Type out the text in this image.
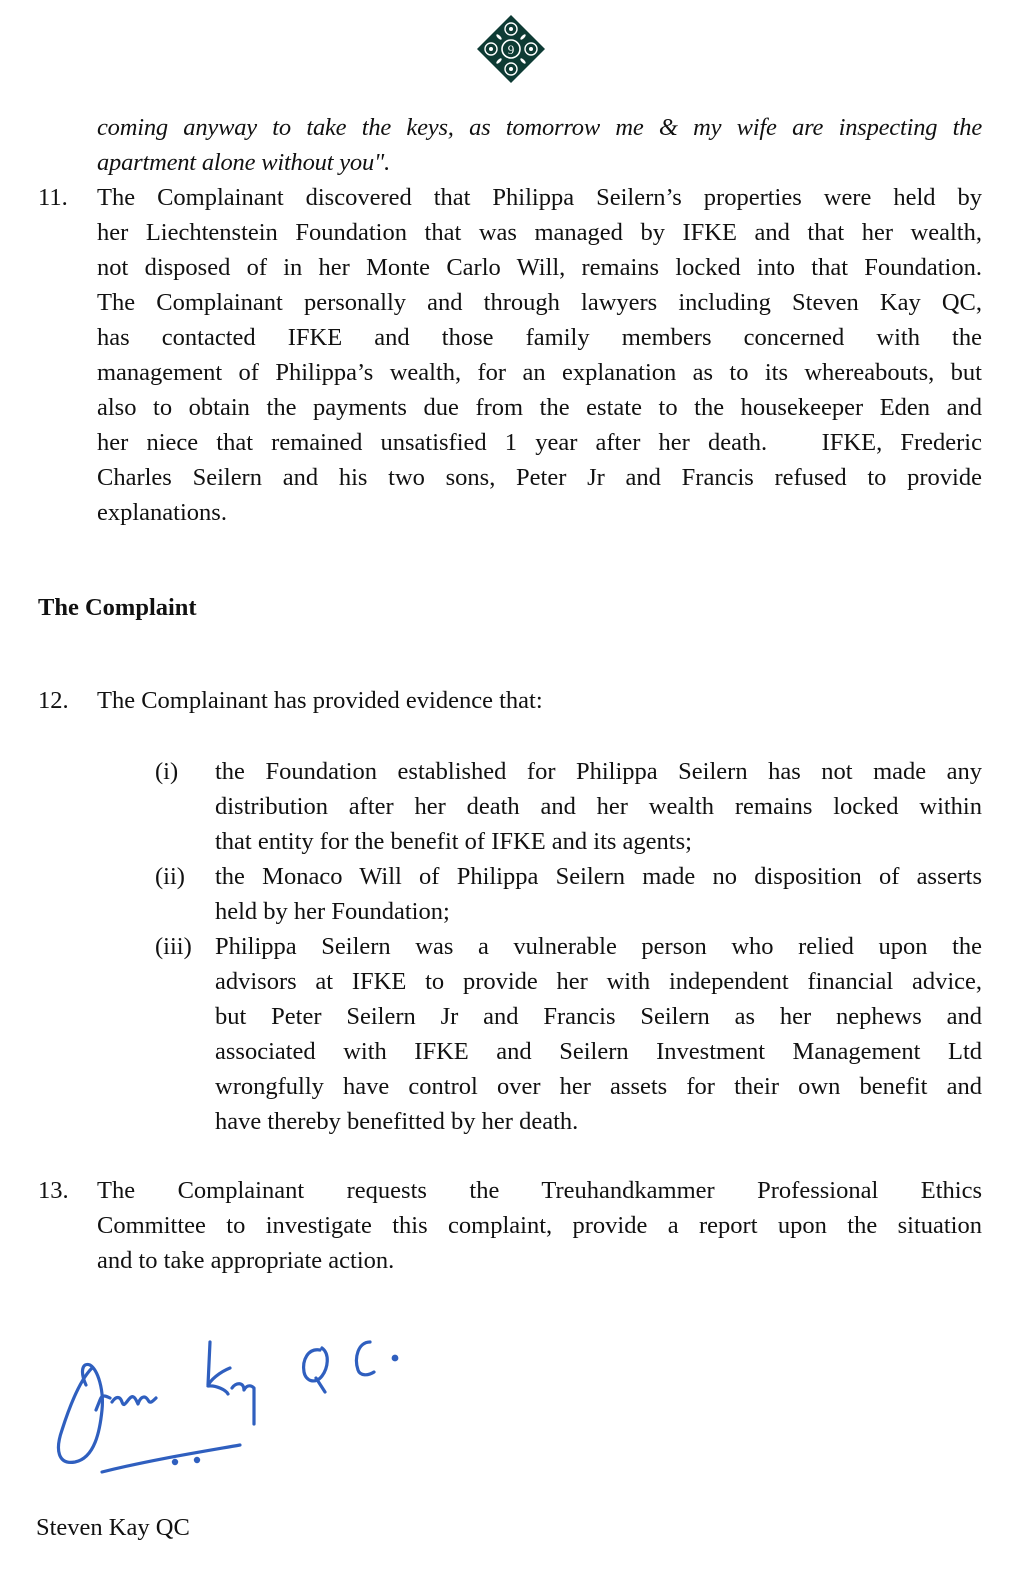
9
coming anyway to take the keys, as tomorrow me & my wife are inspecting the
apartment alone without you".
11. The Complainant discovered that Philippa Seilern’s properties were held by
her Liechtenstein Foundation that was managed by IFKE and that her wealth,
not disposed of in her Monte Carlo Will, remains locked into that Foundation.
The Complainant personally and through lawyers including Steven Kay QC,
has contacted IFKE and those family members concerned with the
management of Philippa’s wealth, for an explanation as to its whereabouts, but
also to obtain the payments due from the estate to the housekeeper Eden and
her niece that remained unsatisfied 1 year after her death.   IFKE, Frederic
Charles Seilern and his two sons, Peter Jr and Francis refused to provide
explanations.
The Complaint
12. The Complainant has provided evidence that:
(i) the Foundation established for Philippa Seilern has not made any
distribution after her death and her wealth remains locked within
that entity for the benefit of IFKE and its agents;
(ii) the Monaco Will of Philippa Seilern made no disposition of asserts
held by her Foundation;
(iii) Philippa Seilern was a vulnerable person who relied upon the
advisors at IFKE to provide her with independent financial advice,
but Peter Seilern Jr and Francis Seilern as her nephews and
associated with IFKE and Seilern Investment Management Ltd
wrongfully have control over her assets for their own benefit and
have thereby benefitted by her death.
13. The Complainant requests the Treuhandkammer Professional Ethics
Committee to investigate this complaint, provide a report upon the situation
and to take appropriate action.
Steven Kay QC
